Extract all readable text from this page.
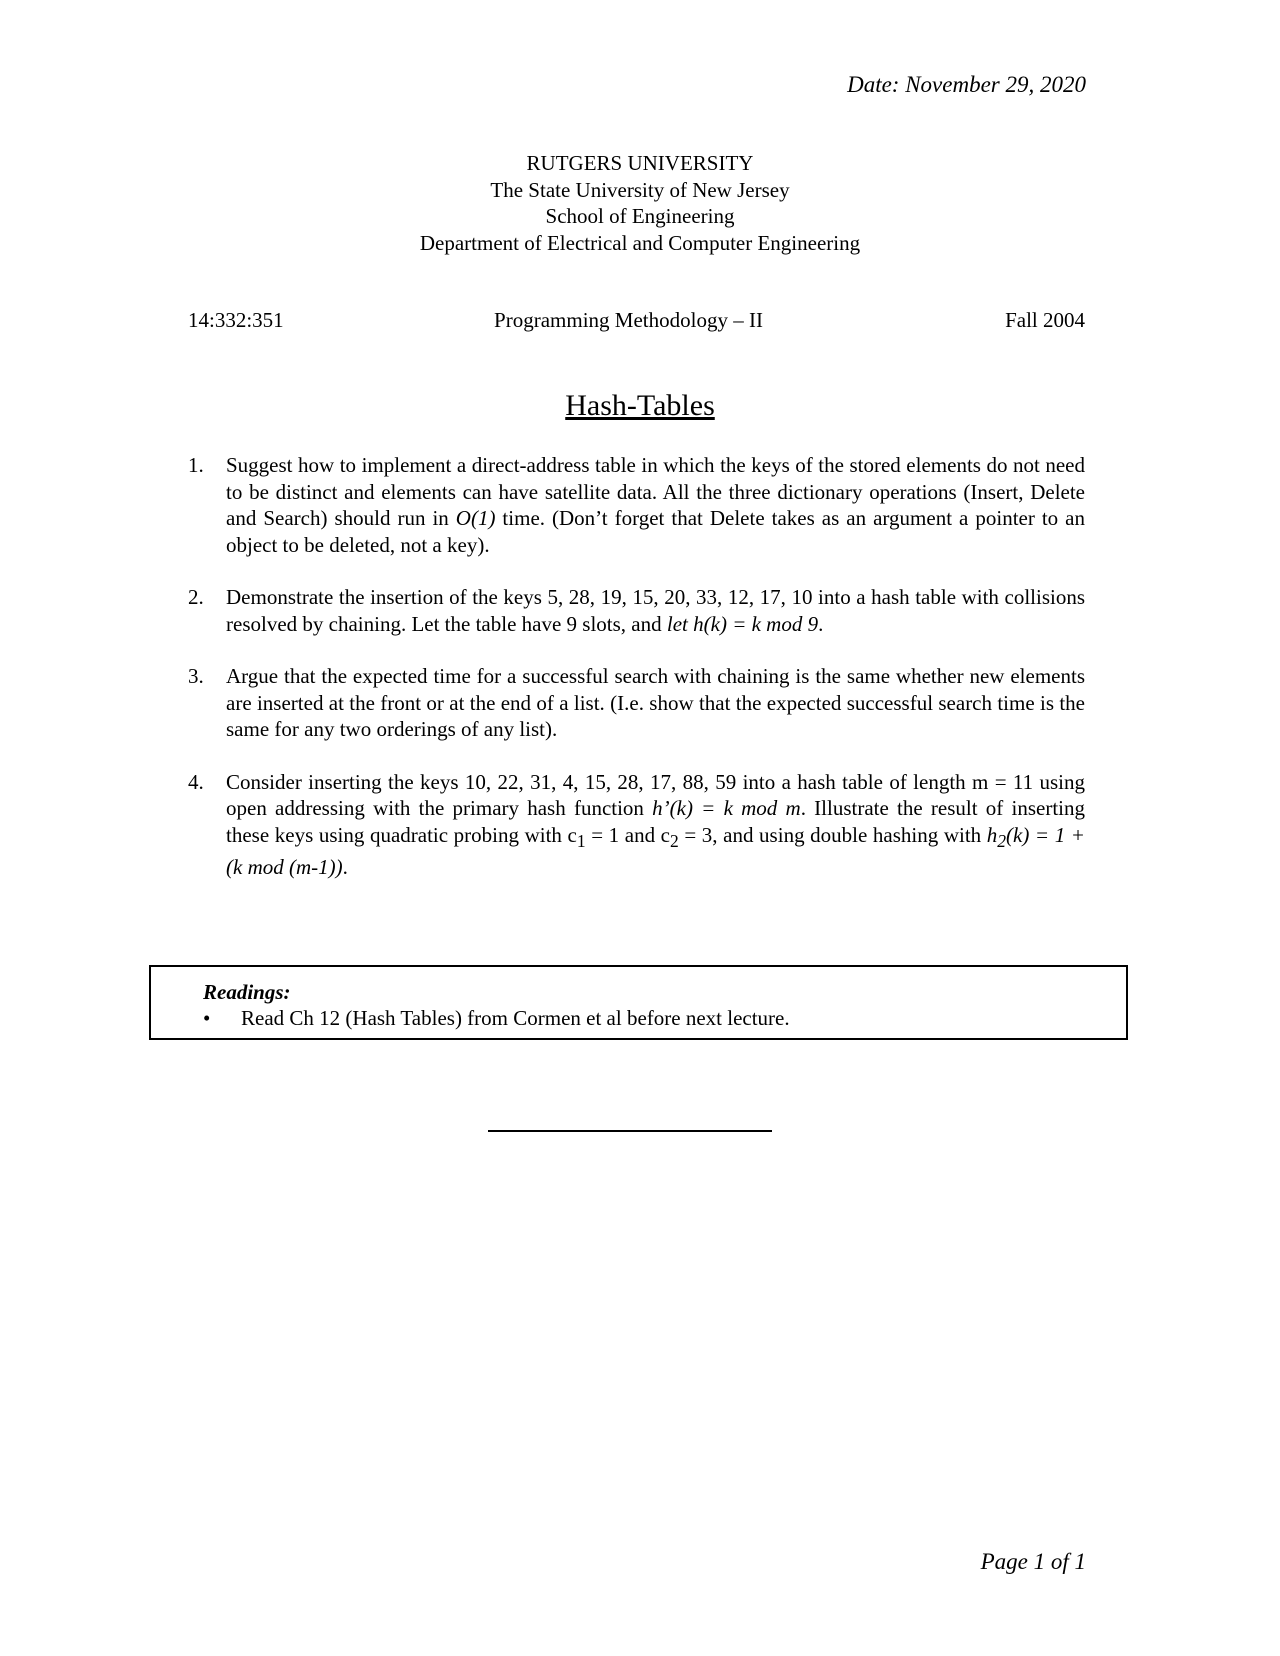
Date: November 29, 2020
RUTGERS UNIVERSITY
The State University of New Jersey
School of Engineering
Department of Electrical and Computer Engineering
14:332:351	Programming Methodology – II	Fall 2004
Hash-Tables
1. Suggest how to implement a direct-address table in which the keys of the stored elements do not need to be distinct and elements can have satellite data. All the three dictionary operations (Insert, Delete and Search) should run in O(1) time. (Don’t forget that Delete takes as an argument a pointer to an object to be deleted, not a key).
2. Demonstrate the insertion of the keys 5, 28, 19, 15, 20, 33, 12, 17, 10 into a hash table with collisions resolved by chaining. Let the table have 9 slots, and let h(k) = k mod 9.
3. Argue that the expected time for a successful search with chaining is the same whether new elements are inserted at the front or at the end of a list. (I.e. show that the expected successful search time is the same for any two orderings of any list).
4. Consider inserting the keys 10, 22, 31, 4, 15, 28, 17, 88, 59 into a hash table of length m = 11 using open addressing with the primary hash function h’(k) = k mod m. Illustrate the result of inserting these keys using quadratic probing with $c_1 = 1$ and $c_2 = 3$, and using double hashing with $h_2(k) = 1 + (k$ mod (m-1)).
Readings:
• Read Ch 12 (Hash Tables) from Cormen et al before next lecture.
Page 1 of 1
